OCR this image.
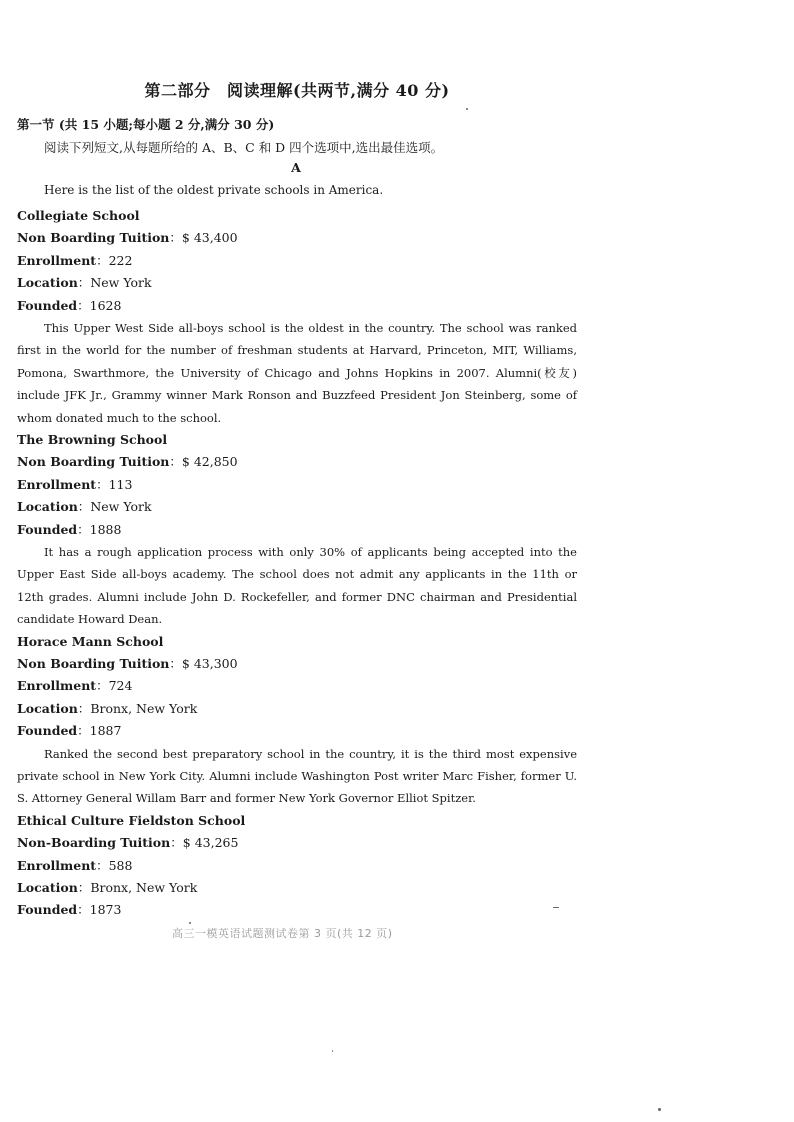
第二部分　阅读理解(共两节,满分 40 分)
第一节 (共 15 小题;每小题 2 分,满分 30 分)
阅读下列短文,从每题所给的 A、B、C 和 D 四个选项中,选出最佳选项。
A
Here is the list of the oldest private schools in America.
Collegiate School
Non Boarding Tuition：$ 43,400
Enrollment：222
Location：New York
Founded：1628

This Upper West Side all-boys school is the oldest in the country. The school was ranked first in the world for the number of freshman students at Harvard, Princeton, MIT, Williams, Pomona, Swarthmore, the University of Chicago and Johns Hopkins in 2007. Alumni(校友) include JFK Jr., Grammy winner Mark Ronson and Buzzfeed President Jon Steinberg, some of whom donated much to the school.

The Browning School
Non Boarding Tuition：$ 42,850
Enrollment：113
Location：New York
Founded：1888

It has a rough application process with only 30% of applicants being accepted into the Upper East Side all-boys academy. The school does not admit any applicants in the 11th or 12th grades. Alumni include John D. Rockefeller, and former DNC chairman and Presidential candidate Howard Dean.

Horace Mann School
Non Boarding Tuition：$ 43,300
Enrollment：724
Location：Bronx, New York
Founded：1887

Ranked the second best preparatory school in the country, it is the third most expensive private school in New York City. Alumni include Washington Post writer Marc Fisher, former U. S. Attorney General Willam Barr and former New York Governor Elliot Spitzer.

Ethical Culture Fieldston School
Non-Boarding Tuition：$ 43,265
Enrollment：588
Location：Bronx, New York
Founded：1873
高三一模英语试题测试卷第 3 页(共 12 页)
